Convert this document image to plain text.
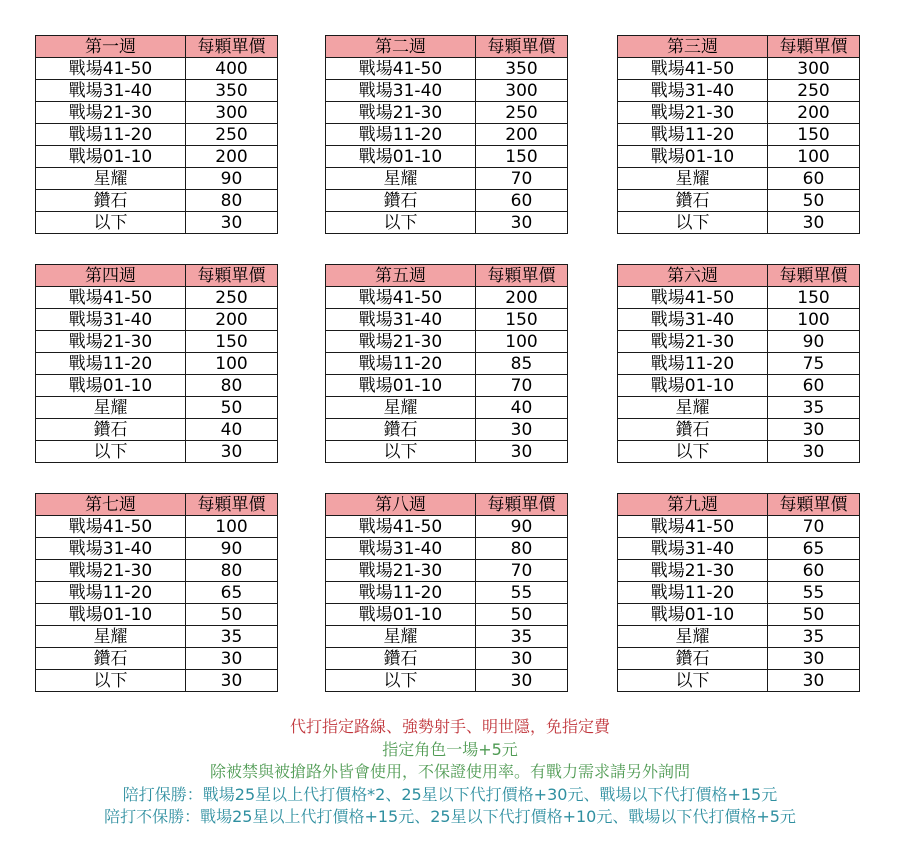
第一週	每顆單價
戰場41-50	400
戰場31-40	350
戰場21-30	300
戰場11-20	250
戰場01-10	200
星耀	90
鑽石	80
以下	30
第四週	每顆單價
戰場41-50	250
戰場31-40	200
戰場21-30	150
戰場11-20	100
戰場01-10	80
星耀	50
鑽石	40
以下	30
第七週	每顆單價
戰場41-50	100
戰場31-40	90
戰場21-30	80
戰場11-20	65
戰場01-10	50
星耀	35
鑽石	30
以下	30
第二週	每顆單價
戰場41-50	350
戰場31-40	300
戰場21-30	250
戰場11-20	200
戰場01-10	150
星耀	70
鑽石	60
以下	30
第五週	每顆單價
戰場41-50	200
戰場31-40	150
戰場21-30	100
戰場11-20	85
戰場01-10	70
星耀	40
鑽石	30
以下	30
第八週	每顆單價
戰場41-50	90
戰場31-40	80
戰場21-30	70
戰場11-20	55
戰場01-10	50
星耀	35
鑽石	30
以下	30
第三週	每顆單價
戰場41-50	300
戰場31-40	250
戰場21-30	200
戰場11-20	150
戰場01-10	100
星耀	60
鑽石	50
以下	30
第六週	每顆單價
戰場41-50	150
戰場31-40	100
戰場21-30	90
戰場11-20	75
戰場01-10	60
星耀	35
鑽石	30
以下	30
第九週	每顆單價
戰場41-50	70
戰場31-40	65
戰場21-30	60
戰場11-20	55
戰場01-10	50
星耀	35
鑽石	30
以下	30
代打指定路線、強勢射手、明世隱，免指定費
指定角色一場+5元
除被禁與被搶路外皆會使用，不保證使用率。有戰力需求請另外詢問
陪打保勝：戰場25星以上代打價格*2、25星以下代打價格+30元、戰場以下代打價格+15元
陪打不保勝：戰場25星以上代打價格+15元、25星以下代打價格+10元、戰場以下代打價格+5元
